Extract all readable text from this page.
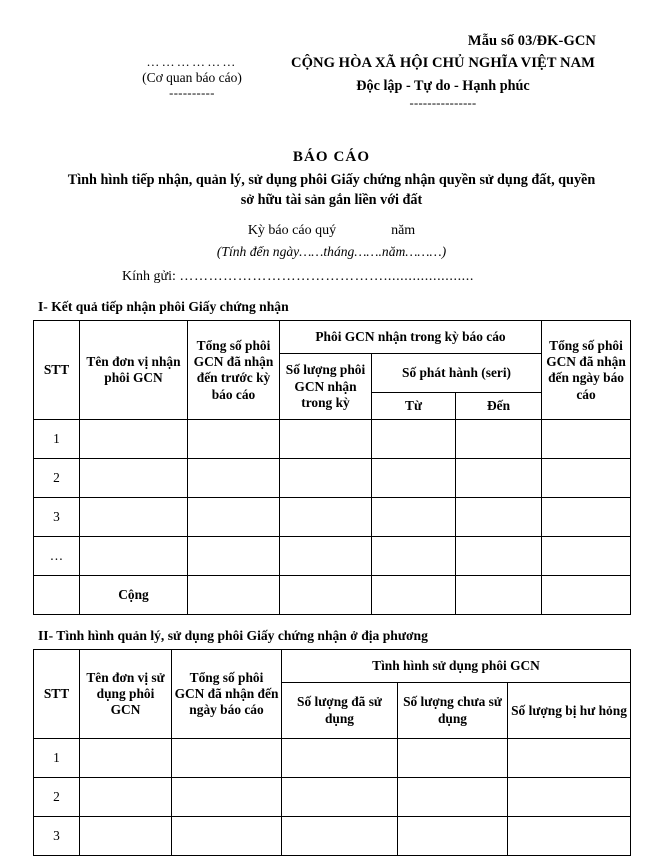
Mẫu số 03/ĐK-GCN
………………
(Cơ quan báo cáo)
----------
CỘNG HÒA XÃ HỘI CHỦ NGHĨA VIỆT NAM
Độc lập - Tự do - Hạnh phúc
---------------
BÁO CÁO
Tình hình tiếp nhận, quản lý, sử dụng phôi Giấy chứng nhận quyền sử dụng đất, quyền sở hữu tài sản gắn liền với đất
Kỳ báo cáo quý	năm
(Tính đến ngày……tháng…….năm………)
Kính gửi: ……………………………………......................
I- Kết quả tiếp nhận phôi Giấy chứng nhận
STT	Tên đơn vị nhận phôi GCN	Tổng số phôi GCN đã nhận đến trước kỳ báo cáo	Phôi GCN nhận trong kỳ báo cáo			Tổng số phôi GCN đã nhận đến ngày báo cáo
			Số lượng phôi GCN nhận trong kỳ	Số phát hành (seri)		
				Từ	Đến	
1						
2						
3						
…						
	Cộng					
II- Tình hình quản lý, sử dụng phôi Giấy chứng nhận ở địa phương
STT	Tên đơn vị sử dụng phôi GCN	Tổng số phôi GCN đã nhận đến ngày báo cáo	Tình hình sử dụng phôi GCN		
			Số lượng đã sử dụng	Số lượng chưa sử dụng	Số lượng bị hư hỏng
1					
2					
3					
